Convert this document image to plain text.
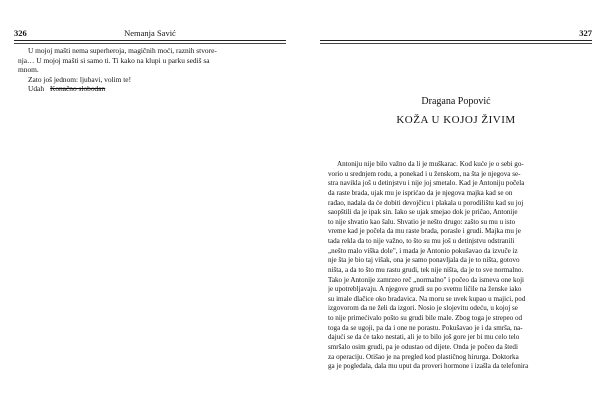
326	Nemanja Savić

U mojoj mašti nema superheroja, magičnih moći, raznih stvore-

nja… U mojoj mašti si samo ti. Ti kako na klupi u parku sediš sa

mnom.

Zato još jednom: ljubavi, volim te!

Udah Konačno slobodan

327
Dragana Popović
KOŽA U KOJOJ ŽIVIM
Antoniju nije bilo važno da li je muškarac. Kod kuće je o sebi go-
vorio u srednjem rodu, a ponekad i u ženskom, na šta je njegova se-
stra navikla još u detinjstvu i nije joj smetalo. Kad je Antoniju počela
da raste brada, ujak mu je isprićao da je njegova majka kad se on
rađao, nadala da će dobiti devojčicu i plakala u porodilištu kad su joj
saopštili da je ipak sin. Iako se ujak smejao dok je pričao, Antonije
to nije shvatio kao šalu. Shvatio je nešto drugo: zašto su mu u isto
vreme kad je počela da mu raste brada, porasle i grudi. Majka mu je
tada rekla da to nije važno, to što su mu još u detinjstvu odstranili
„nešto malo viška dole", i mada je Antonio pokušavao da izvuče iz
nje šta je bio taj višak, ona je samo ponavljala da je to ništa, gotovo
ništa, a da to što mu rastu grudi, tek nije ništa, da je to sve normalno.
Tako je Antonije zamrzeo reč „normalno" i počeo da ismeva one koji
je upotrebljavaju. A njegove grudi su po svemu ličile na ženske iako
su imale dlačice oko bradavica. Na moru se uvek kupao u majici, pod
izgovorom da ne želi da izgori. Nosio je slojevitu odeću, u kojoj se
to nije primećivalo pošto su grudi bile male. Zbog toga je strepeo od
toga da se ugoji, pa da i one ne porastu. Pokušavao je i da smrša, na-
dajući se da će tako nestati, ali je to bilo još gore jer bi mu celo telo
smršalo osim grudi, pa je odustao od dijete. Onda je počeo da štedi
za operaciju. Otišao je na pregled kod plastičnog hirurga. Doktorka
ga je pogledala, dala mu uput da proveri hormone i izašla da telefonira
